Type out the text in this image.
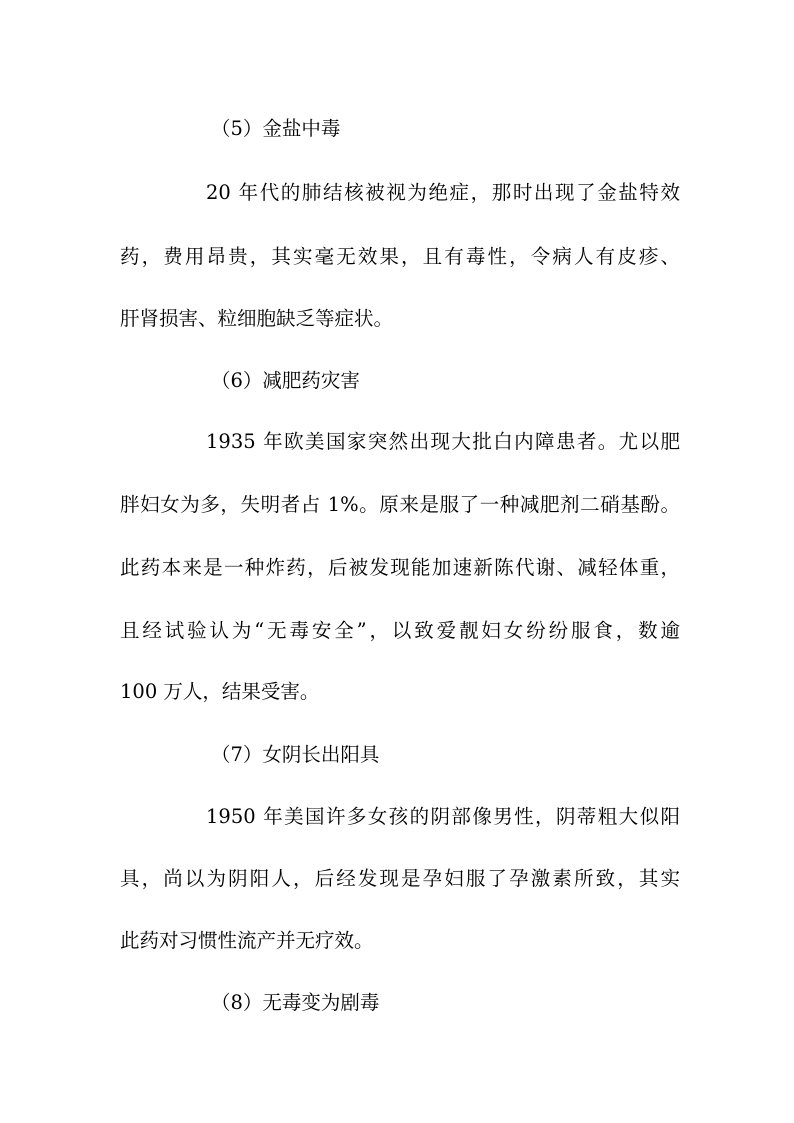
（5）金盐中毒

20 年代的肺结核被视为绝症，那时出现了金盐特效

药，费用昂贵，其实毫无效果，且有毒性，令病人有皮疹、

肝肾损害、粒细胞缺乏等症状。

（6）减肥药灾害

1935 年欧美国家突然出现大批白内障患者。尤以肥

胖妇女为多，失明者占 1%。原来是服了一种减肥剂二硝基酚。

此药本来是一种炸药，后被发现能加速新陈代谢、减轻体重，

且经试验认为“无毒安全”，以致爱靓妇女纷纷服食，数逾

100 万人，结果受害。

（7）女阴长出阳具

1950 年美国许多女孩的阴部像男性，阴蒂粗大似阳

具，尚以为阴阳人，后经发现是孕妇服了孕激素所致，其实

此药对习惯性流产并无疗效。

（8）无毒变为剧毒
